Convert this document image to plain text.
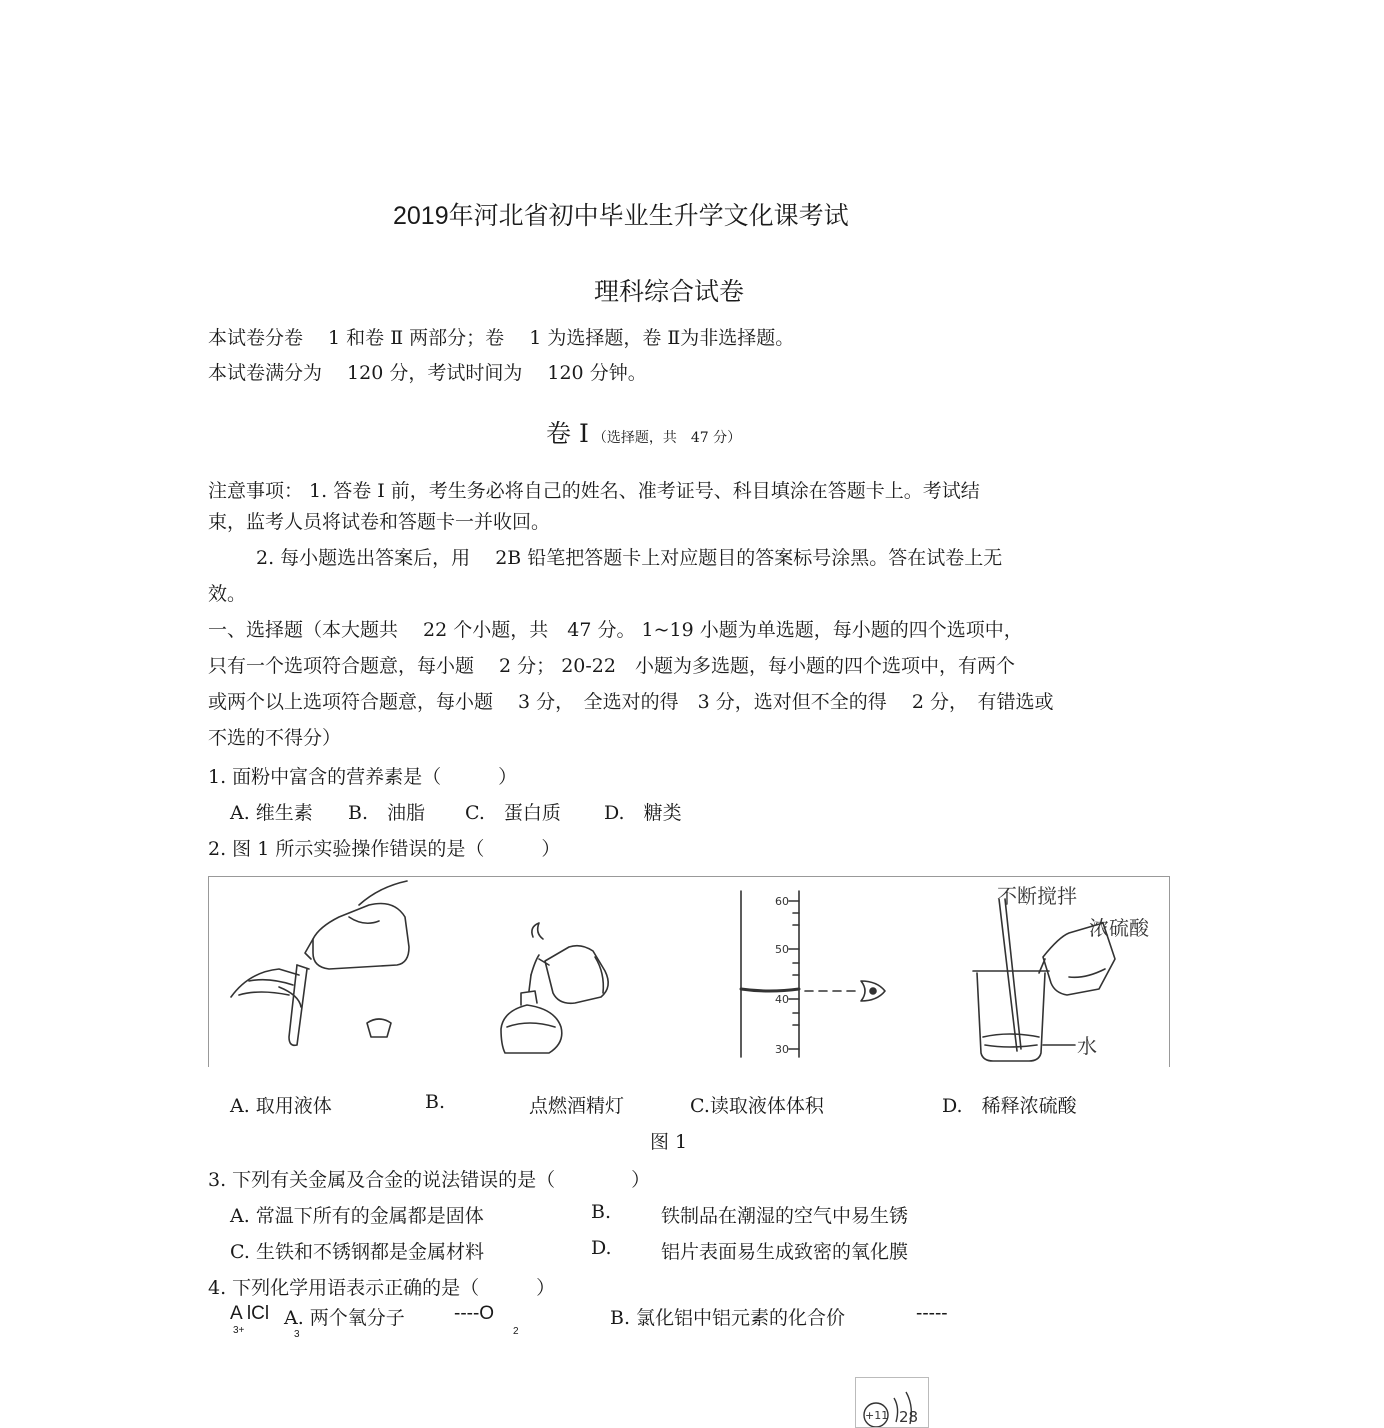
2019年河北省初中毕业生升学文化课考试
理科综合试卷
本试卷分卷　 1 和卷 Ⅱ 两部分；卷　 1 为选择题，卷 Ⅱ为非选择题。
本试卷满分为　 120 分，考试时间为　 120 分钟。
卷 I （选择题，共　47 分）
注意事项： 1. 答卷 I 前，考生务必将自己的姓名、准考证号、科目填涂在答题卡上。考试结
束，监考人员将试卷和答题卡一并收回。
2. 每小题选出答案后，用　 2B 铅笔把答题卡上对应题目的答案标号涂黑。答在试卷上无
效。
一、选择题（本大题共　 22 个小题，共　47 分。 1~19 小题为单选题，每小题的四个选项中，
只有一个选项符合题意，每小题　 2 分； 20-22　小题为多选题，每小题的四个选项中，有两个
或两个以上选项符合题意，每小题　 3 分，　全选对的得　3 分，选对但不全的得　 2 分，　有错选或
不选的不得分）
1. 面粉中富含的营养素是（　　　）
A. 维生素 B.　油脂 C.　蛋白质 D.　糖类
2. 图 1 所示实验操作错误的是（　　　）
60
50
40
30
不断搅拌
浓硫酸
水
A. 取用液体	B.	点燃酒精灯	C.读取液体体积	D.　稀释浓硫酸
图 1
3. 下列有关金属及合金的说法错误的是（　　　　）
A. 常温下所有的金属都是固体	B.	铁制品在潮湿的空气中易生锈
C. 生铁和不锈钢都是金属材料	D.	铝片表面易生成致密的氧化膜
4. 下列化学用语表示正确的是（　　　）
A lCl A. 两个氧分子	----O	B. 氯化铝中铝元素的化合价	-----
3+	3	2
+11 28
